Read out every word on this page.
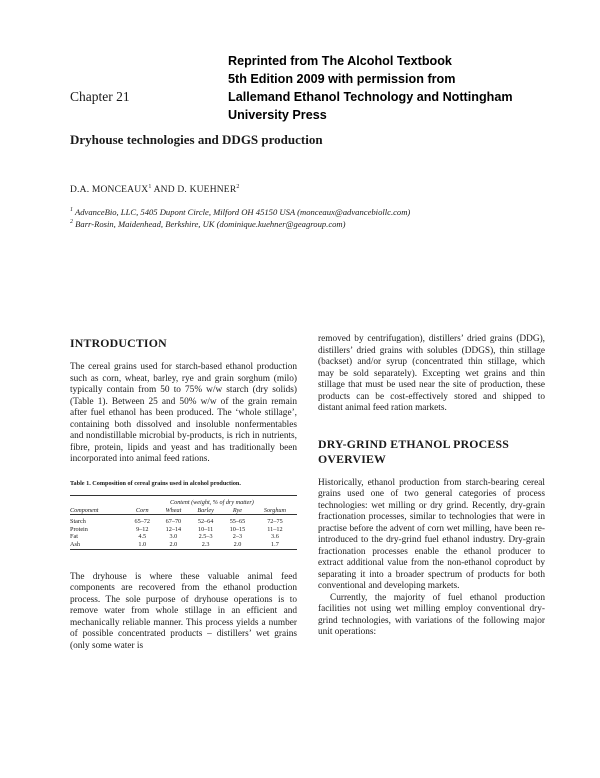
Reprinted from The Alcohol Textbook
5th Edition 2009 with permission from
Lallemand Ethanol Technology and Nottingham
University Press
Chapter 21
Dryhouse technologies and DDGS production
D.A. MONCEAUX$^1$ AND D. KUEHNER$^2$
$^1$ AdvanceBio, LLC, 5405 Dupont Circle, Milford OH 45150 USA (monceaux@advancebiollc.com)
$^2$ Barr-Rosin, Maidenhead, Berkshire, UK (dominique.kuehner@geagroup.com)

INTRODUCTION

The cereal grains used for starch-based ethanol production such as corn, wheat, barley, rye and grain sorghum (milo) typically contain from 50 to 75% w/w starch (dry solids) (Table 1). Between 25 and 50% w/w of the grain remain after fuel ethanol has been produced. The ‘whole stillage’, containing both dissolved and insoluble nonfermentables and nondistillable microbial by-products, is rich in nutrients, fibre, protein, lipids and yeast and has traditionally been incorporated into animal feed rations.

Table 1. Composition of cereal grains used in alcohol production.

	Content (weight, % of dry matter)				
Component	Corn	Wheat	Barley	Rye	Sorghum

Starch	65–72	67–70	52–64	55–65	72–75
Protein	9–12	12–14	10–11	10–15	11–12
Fat	4.5	3.0	2.5–3	2–3	3.6
Ash	1.0	2.0	2.3	2.0	1.7

The dryhouse is where these valuable animal feed components are recovered from the ethanol production process. The sole purpose of dryhouse operations is to remove water from whole stillage in an efficient and mechanically reliable manner. This process yields a number of possible concentrated products – distillers’ wet grains (only some water is

removed by centrifugation), distillers’ dried grains (DDG), distillers’ dried grains with solubles (DDGS), thin stillage (backset) and/or syrup (concentrated thin stillage, which may be sold separately). Excepting wet grains and thin stillage that must be used near the site of production, these products can be cost-effectively stored and shipped to distant animal feed ration markets.

DRY-GRIND ETHANOL PROCESS OVERVIEW

Historically, ethanol production from starch-bearing cereal grains used one of two general categories of process technologies: wet milling or dry grind. Recently, dry-grain fractionation processes, similar to technologies that were in practise before the advent of corn wet milling, have been re-introduced to the dry-grind fuel ethanol industry. Dry-grain fractionation processes enable the ethanol producer to extract additional value from the non-ethanol coproduct by separating it into a broader spectrum of products for both conventional and developing markets.

Currently, the majority of fuel ethanol production facilities not using wet milling employ conventional dry-grind technologies, with variations of the following major unit operations:
